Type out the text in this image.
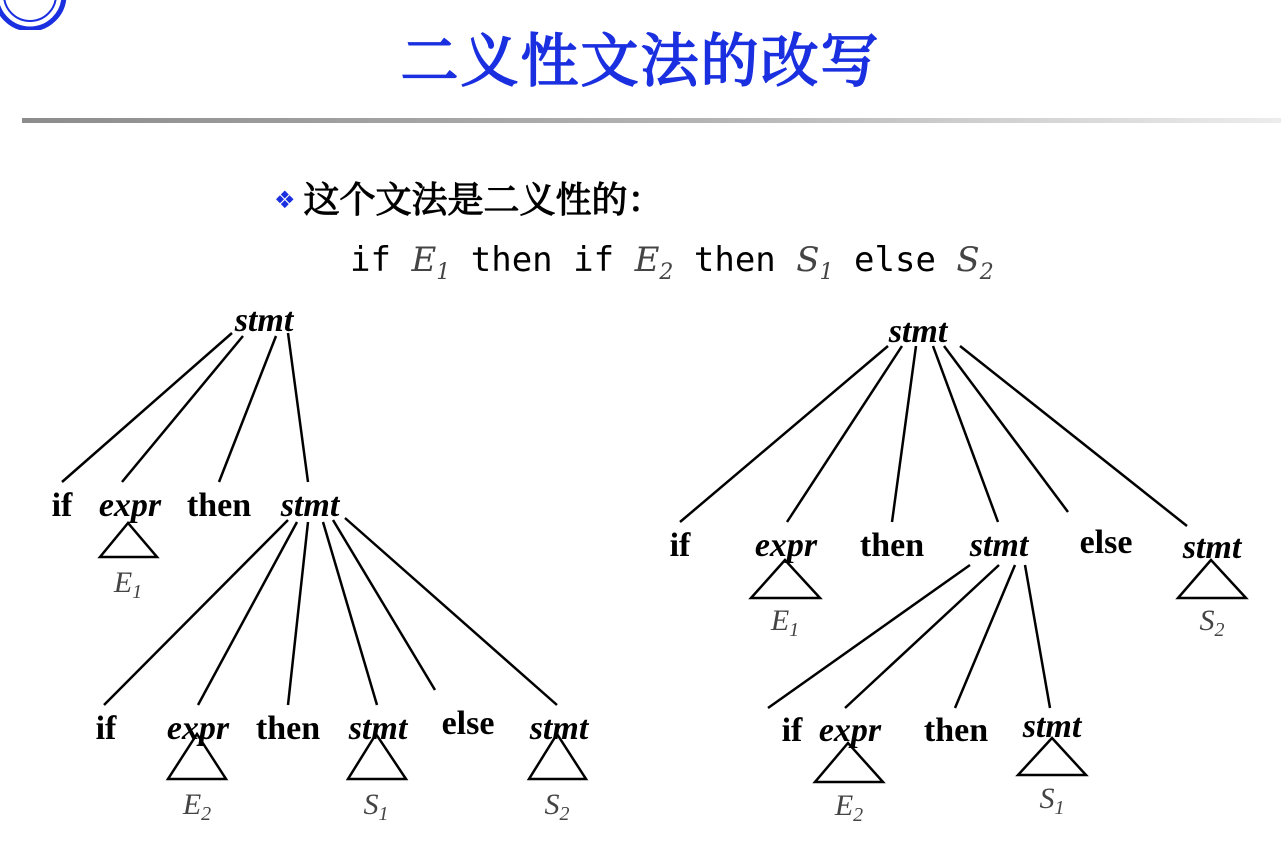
二义性文法的改写
❖ 这个文法是二义性的：
if $E_1$ then if $E_2$ then $S_1$ else $S_2$
stmt
if expr then stmt
$E_1$
if expr then stmt else stmt
$E_2$	$S_1$	$S_2$
stmt
if expr then stmt else stmt
$E_1$	$S_2$
if expr then stmt
$E_2$	$S_1$
